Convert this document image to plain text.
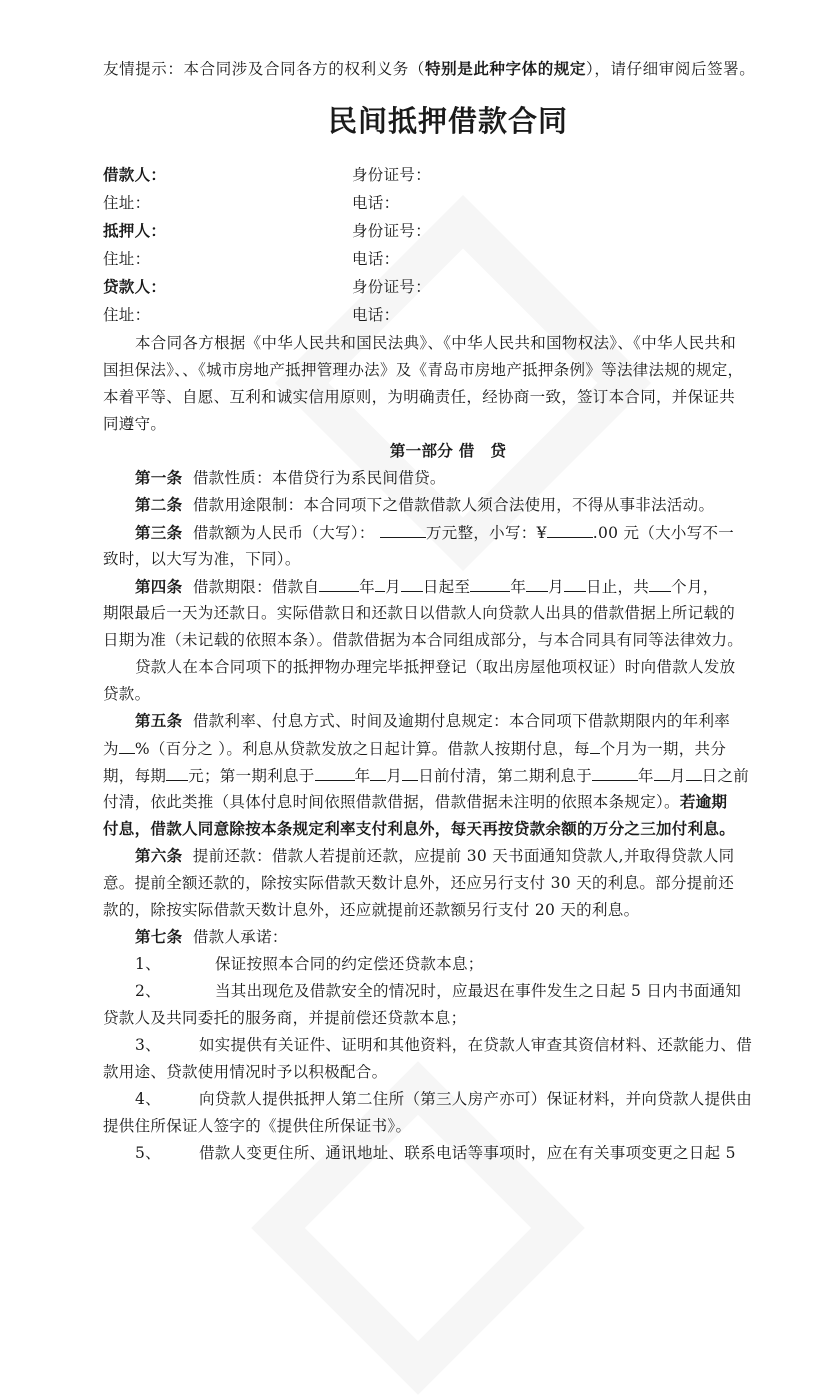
友情提示：本合同涉及合同各方的权利义务（特别是此种字体的规定），请仔细审阅后签署。
民间抵押借款合同
借款人：	身份证号：
住址：	电话：
抵押人：	身份证号：
住址：	电话：
贷款人：	身份证号：
住址：	电话：
本合同各方根据《中华人民共和国民法典》、《中华人民共和国物权法》、《中华人民共和
国担保法》、、《城市房地产抵押管理办法》及《青岛市房地产抵押条例》等法律法规的规定，
本着平等、自愿、互利和诚实信用原则，为明确责任，经协商一致，签订本合同，并保证共
同遵守。
第一部分 借　贷
第一条 借款性质：本借贷行为系民间借贷。
第二条 借款用途限制：本合同项下之借款借款人须合法使用，不得从事非法活动。
第三条 借款额为人民币（大写）：	万元整，小写：¥	.00 元（大小写不一
致时，以大写为准，下同）。
第四条 借款期限：借款自	年 月 日起至	年 月 日止，共 个月，
期限最后一天为还款日。实际借款日和还款日以借款人向贷款人出具的借款借据上所记载的
日期为准（未记载的依照本条）。借款借据为本合同组成部分，与本合同具有同等法律效力。
贷款人在本合同项下的抵押物办理完毕抵押登记（取出房屋他项权证）时向借款人发放
贷款。
第五条 借款利率、付息方式、时间及逾期付息规定：本合同项下借款期限内的年利率
为 %（百分之 ）。利息从贷款发放之日起计算。借款人按期付息，每 个月为一期，共分
期，每期 元；第一期利息于	年 月 日前付清，第二期利息于	年 月 日之前
付清，依此类推（具体付息时间依照借款借据，借款借据未注明的依照本条规定）。若逾期
付息，借款人同意除按本条规定利率支付利息外，每天再按贷款余额的万分之三加付利息。
第六条 提前还款：借款人若提前还款，应提前 30 天书面通知贷款人,并取得贷款人同
意。提前全额还款的，除按实际借款天数计息外，还应另行支付 30 天的利息。部分提前还
款的，除按实际借款天数计息外，还应就提前还款额另行支付 20 天的利息。
第七条 借款人承诺：
1、	保证按照本合同的约定偿还贷款本息；
2、	当其出现危及借款安全的情况时，应最迟在事件发生之日起 5 日内书面通知
贷款人及共同委托的服务商，并提前偿还贷款本息；
3、 如实提供有关证件、证明和其他资料，在贷款人审查其资信材料、还款能力、借
款用途、贷款使用情况时予以积极配合。
4、 向贷款人提供抵押人第二住所（第三人房产亦可）保证材料，并向贷款人提供由
提供住所保证人签字的《提供住所保证书》。
5、 借款人变更住所、通讯地址、联系电话等事项时，应在有关事项变更之日起 5
